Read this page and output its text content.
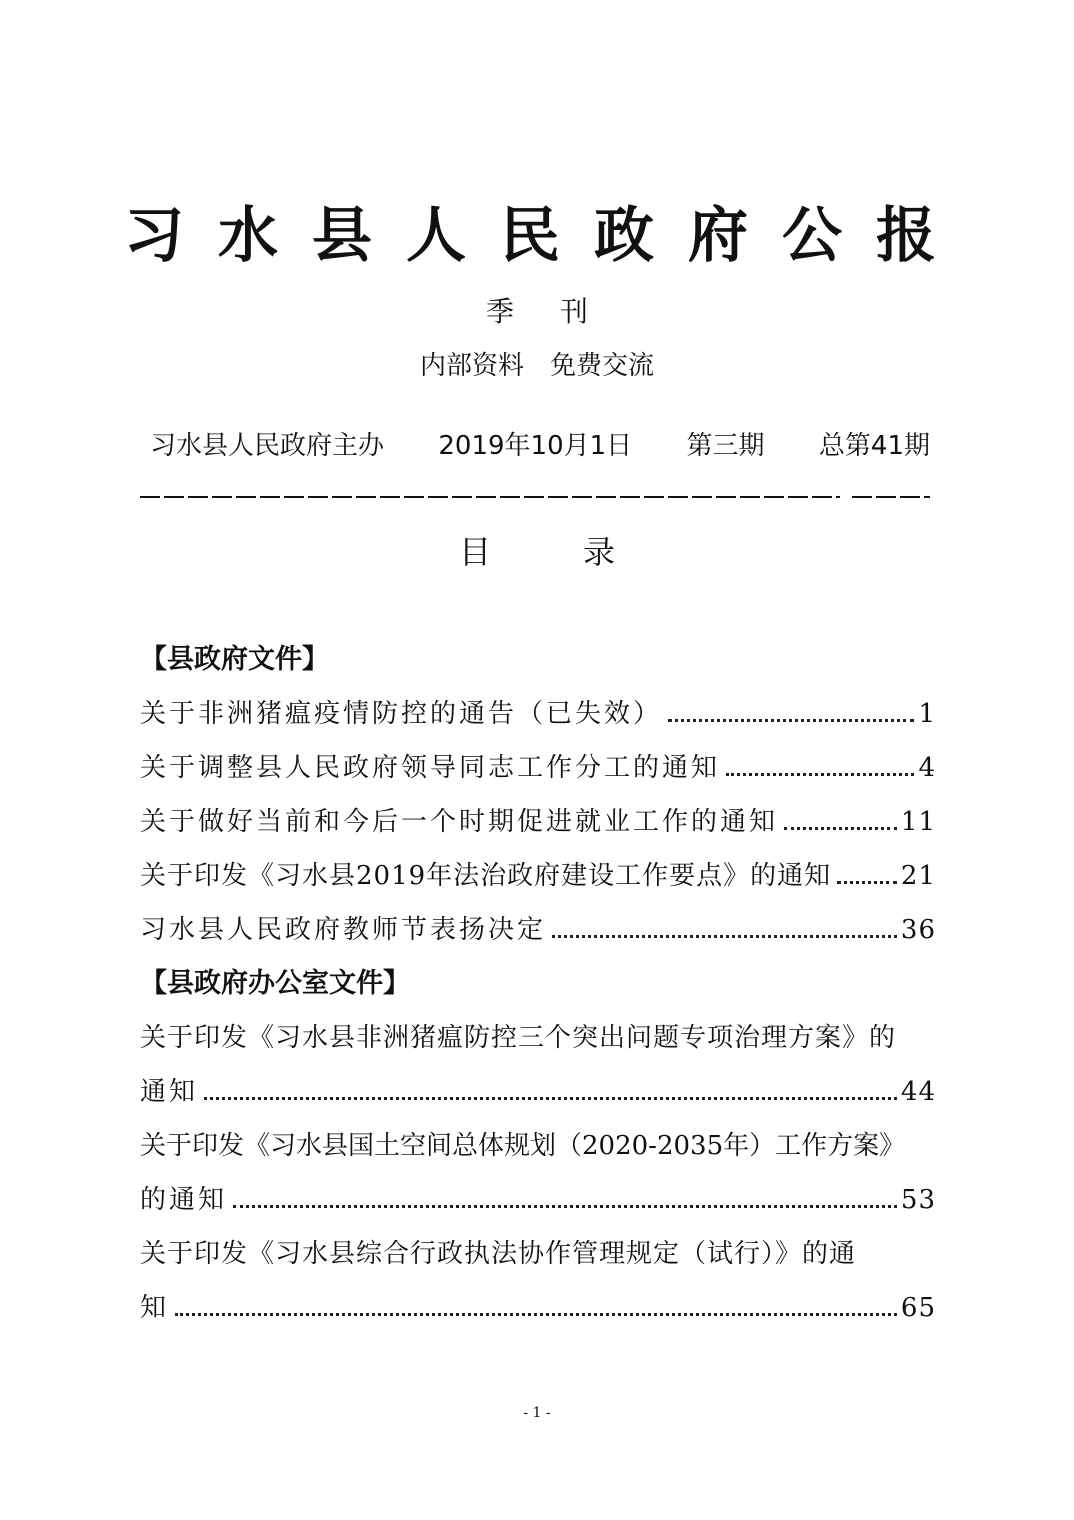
习水县人民政府公报
季刊
内部资料 免费交流
习水县人民政府主办 2019年10月1日 第三期 总第41期
目录
【县政府文件】
关于非洲猪瘟疫情防控的通告（已失效）	1
关于调整县人民政府领导同志工作分工的通知	4
关于做好当前和今后一个时期促进就业工作的通知	11
关于印发《习水县2019年法治政府建设工作要点》的通知	21
习水县人民政府教师节表扬决定	36
【县政府办公室文件】
关于印发《习水县非洲猪瘟防控三个突出问题专项治理方案》的
通知	44
关于印发《习水县国土空间总体规划（2020-2035年）工作方案》
的通知	53
关于印发《习水县综合行政执法协作管理规定（试行）》的通
知	65
- 1 -
